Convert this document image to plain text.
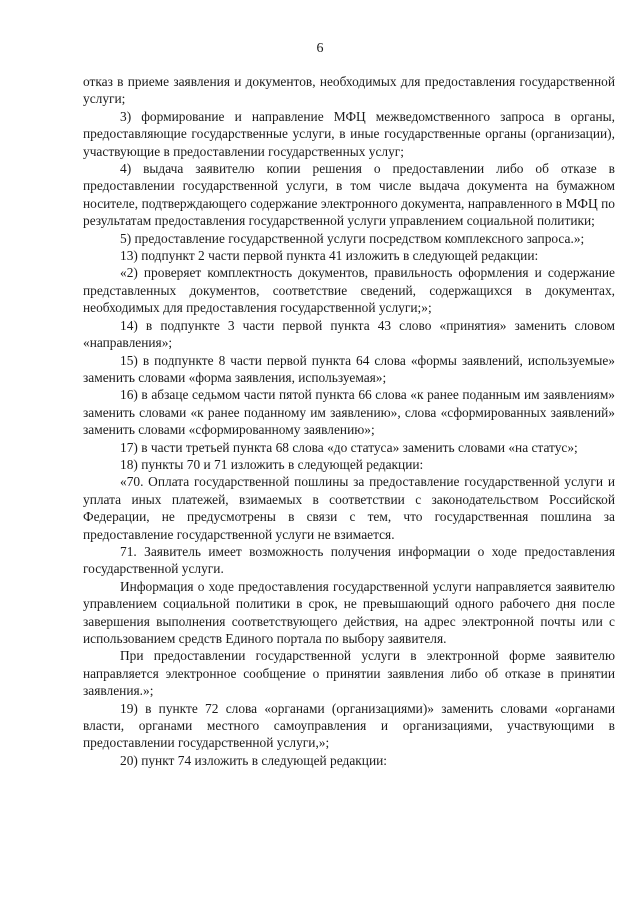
6

отказ в приеме заявления и документов, необходимых для предоставления государственной услуги;

3) формирование и направление МФЦ межведомственного запроса в органы, предоставляющие государственные услуги, в иные государственные органы (организации), участвующие в предоставлении государственных услуг;

4) выдача заявителю копии решения о предоставлении либо об отказе в предоставлении государственной услуги, в том числе выдача документа на бумажном носителе, подтверждающего содержание электронного документа, направленного в МФЦ по результатам предоставления государственной услуги управлением социальной политики;

5) предоставление государственной услуги посредством комплексного запроса.»;

13) подпункт 2 части первой пункта 41 изложить в следующей редакции:

«2) проверяет комплектность документов, правильность оформления и содержание представленных документов, соответствие сведений, содержащихся в документах, необходимых для предоставления государственной услуги;»;

14) в подпункте 3 части первой пункта 43 слово «принятия» заменить словом «направления»;

15) в подпункте 8 части первой пункта 64 слова «формы заявлений, используемые» заменить словами «форма заявления, используемая»;

16) в абзаце седьмом части пятой пункта 66 слова «к ранее поданным им заявлениям» заменить словами «к ранее поданному им заявлению», слова «сформированных заявлений» заменить словами «сформированному заявлению»;

17) в части третьей пункта 68 слова «до статуса» заменить словами «на статус»;

18) пункты 70 и 71 изложить в следующей редакции:

«70. Оплата государственной пошлины за предоставление государственной услуги и уплата иных платежей, взимаемых в соответствии с законодательством Российской Федерации, не предусмотрены в связи с тем, что государственная пошлина за предоставление государственной услуги не взимается.

71. Заявитель имеет возможность получения информации о ходе предоставления государственной услуги.

Информация о ходе предоставления государственной услуги направляется заявителю управлением социальной политики в срок, не превышающий одного рабочего дня после завершения выполнения соответствующего действия, на адрес электронной почты или с использованием средств Единого портала по выбору заявителя.

При предоставлении государственной услуги в электронной форме заявителю направляется электронное сообщение о принятии заявления либо об отказе в принятии заявления.»;

19) в пункте 72 слова «органами (организациями)» заменить словами «органами власти, органами местного самоуправления и организациями, участвующими в предоставлении государственной услуги,»;

20) пункт 74 изложить в следующей редакции:
